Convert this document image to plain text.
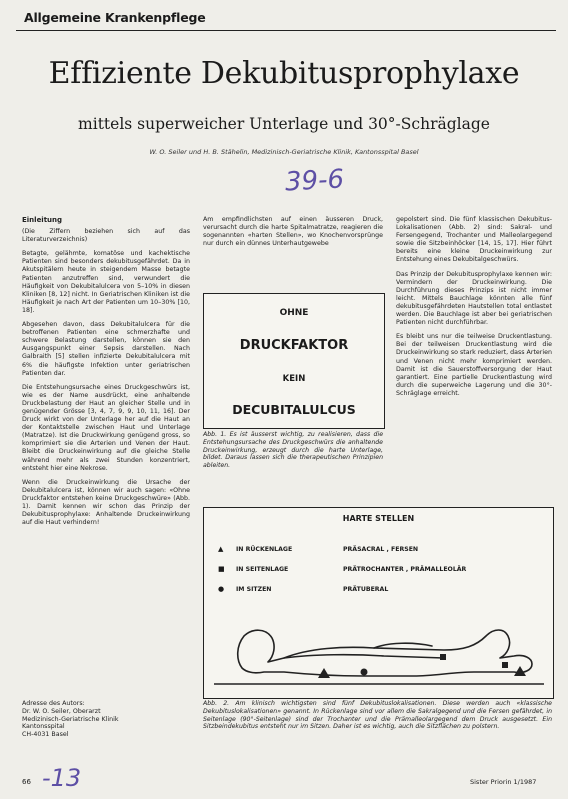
Allgemeine Krankenpflege
Effiziente Dekubitusprophylaxe
mittels superweicher Unterlage und 30°-Schräglage
W. O. Seiler und H. B. Stähelin, Medizinisch-Geriatrische Klinik, Kantonsspital Basel
39-6
Einleitung

(Die Ziffern beziehen sich auf das Literaturverzeichnis)

Betagte, gelähmte, komatöse und kachektische Patienten sind besonders dekubitusgefährdet. Da in Akutspitälern heute in steigendem Masse betagte Patienten anzutreffen sind, verwundert die Häufigkeit von Dekubitalulcera von 5–10% in diesen Kliniken [8, 12] nicht. In Geriatrischen Kliniken ist die Häufigkeit je nach Art der Patienten um 10–30% [10, 18].

Abgesehen davon, dass Dekubitalulcera für die betroffenen Patienten eine schmerzhafte und schwere Belastung darstellen, können sie den Ausgangspunkt einer Sepsis darstellen. Nach Galbraith [5] stellen infizierte Dekubitalulcera mit 6% die häufigste Infektion unter geriatrischen Patienten dar.

Die Entstehungsursache eines Druckgeschwürs ist, wie es der Name ausdrückt, eine anhaltende Druckbelastung der Haut an gleicher Stelle und in genügender Grösse [3, 4, 7, 9, 9, 10, 11, 16]. Der Druck wirkt von der Unterlage her auf die Haut an der Kontaktstelle zwischen Haut und Unterlage (Matratze). Ist die Druckwirkung genügend gross, so komprimiert sie die Arterien und Venen der Haut. Bleibt die Druckeinwirkung auf die gleiche Stelle während mehr als zwei Stunden konzentriert, entsteht hier eine Nekrose.

Wenn die Druckeinwirkung die Ursache der Dekubitalulcera ist, können wir auch sagen: «Ohne Druckfaktor entstehen keine Druckgeschwüre» (Abb. 1). Damit kennen wir schon das Prinzip der Dekubitusprophylaxe: Anhaltende Druckeinwirkung auf die Haut verhindern!

Adresse des Autors:
Dr. W. O. Seiler, Oberarzt
Medizinisch-Geriatrische Klinik
Kantonsspital
CH-4031 Basel

Am empfindlichsten auf einen äusseren Druck, verursacht durch die harte Spitalmatratze, reagieren die sogenannten «harten Stellen», wo Knochenvorsprünge nur durch ein dünnes Unterhautgewebe

OHNE
DRUCKFAKTOR
KEIN
DECUBITALULCUS
Abb. 1. Es ist äusserst wichtig, zu realisieren, dass die Entstehungsursache des Druckgeschwürs die anhaltende Druckeinwirkung, erzeugt durch die harte Unterlage, bildet. Daraus lassen sich die therapeutischen Prinzipien ableiten.

gepolstert sind. Die fünf klassischen Dekubitus-Lokalisationen (Abb. 2) sind: Sakral- und Fersengegend, Trochanter und Malleolargegend sowie die Sitzbeinhöcker [14, 15, 17]. Hier führt bereits eine kleine Druckeinwirkung zur Entstehung eines Dekubitalgeschwürs.

Das Prinzip der Dekubitusprophylaxe kennen wir: Vermindern der Druckeinwirkung. Die Durchführung dieses Prinzips ist nicht immer leicht. Mittels Bauchlage könnten alle fünf dekubitusgefährdeten Hautstellen total entlastet werden. Die Bauchlage ist aber bei geriatrischen Patienten nicht durchführbar.

Es bleibt uns nur die teilweise Druckentlastung. Bei der teilweisen Druckentlastung wird die Druckeinwirkung so stark reduziert, dass Arterien und Venen nicht mehr komprimiert werden. Damit ist die Sauerstoffversorgung der Haut garantiert. Eine partielle Druckentlastung wird durch die superweiche Lagerung und die 30°-Schräglage erreicht.

HARTE STELLEN
▲ IN RÜCKENLAGE	PRÄSACRAL , FERSEN
■ IN SEITENLAGE	PRÄTROCHANTER , PRÄMALLEOLÄR
● IM SITZEN	PRÄTUBERAL
Abb. 2. Am klinisch wichtigsten sind fünf Dekubituslokalisationen. Diese werden auch «klassische Dekubituslokalisationen» genannt. In Rückenlage sind vor allem die Sakralgegend und die Fersen gefährdet, in Seitenlage (90°-Seitenlage) sind der Trochanter und die Prämalleolargegend dem Druck ausgesetzt. Ein Sitzbeindekubitus entsteht nur im Sitzen. Daher ist es wichtig, auch die Sitzflächen zu polstern.
66 -13	Sister Priorin 1/1987
